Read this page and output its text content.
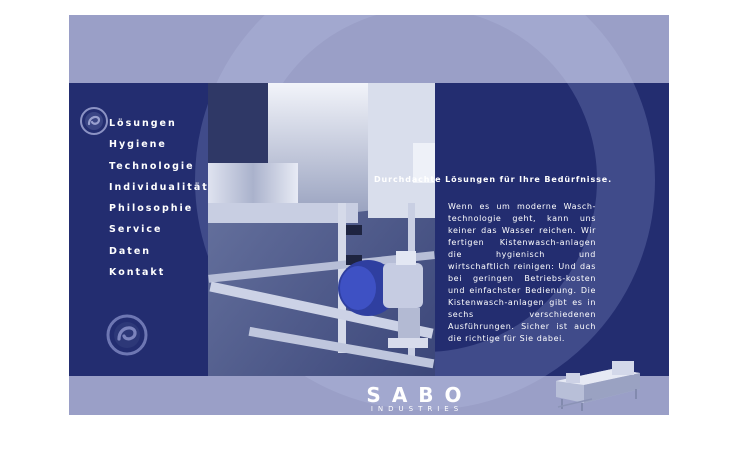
Lösungen
Hygiene
Technologie
Individualität
Philosophie
Service
Daten
Kontakt
Durchdachte Lösungen für Ihre Bedürfnisse.
Wenn es um moderne Wasch-technologie geht, kann uns keiner das Wasser reichen. Wir fertigen Kistenwasch-anlagen die hygienisch und wirtschaftlich reinigen: Und das bei geringen Betriebs-kosten und einfachster Bedienung. Die Kistenwasch-anlagen gibt es in sechs verschiedenen Ausführungen. Sicher ist auch die richtige für Sie dabei.
SABO
INDUSTRIES
